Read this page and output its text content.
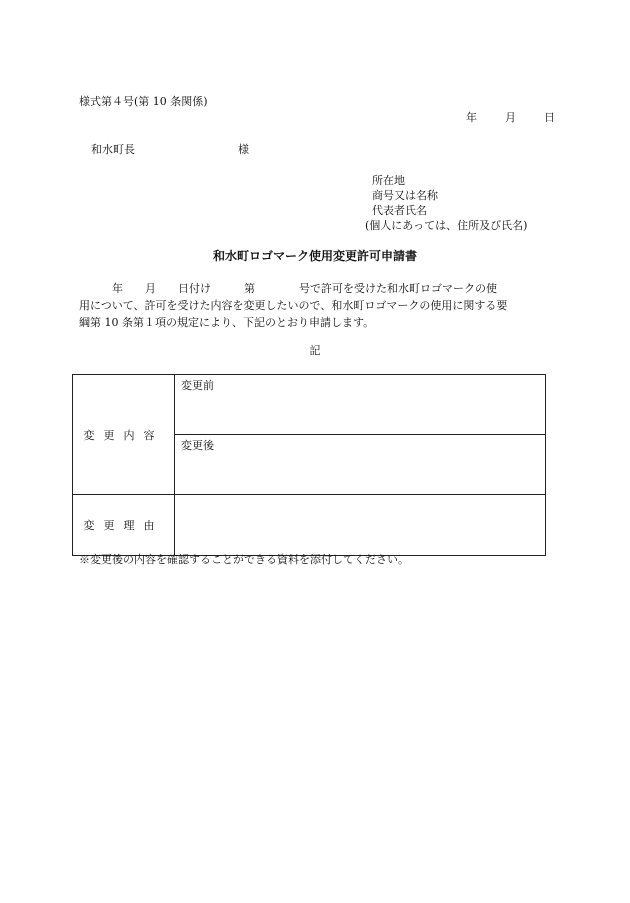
様式第４号(第 10 条関係)
年	月	日
和水町長	様
所在地
商号又は名称
代表者氏名
(個人にあっては、住所及び氏名)
和水町ロゴマーク使用変更許可申請書
　　　年　　月　　日付け　　　第　　　　号で許可を受けた和水町ロゴマークの使
用について、許可を受けた内容を変更したいので、和水町ロゴマークの使用に関する要
綱第 10 条第１項の規定により、下記のとおり申請します。
記
変更内容	変更前
	変更後
変更理由	
※変更後の内容を確認することができる資料を添付してください。
